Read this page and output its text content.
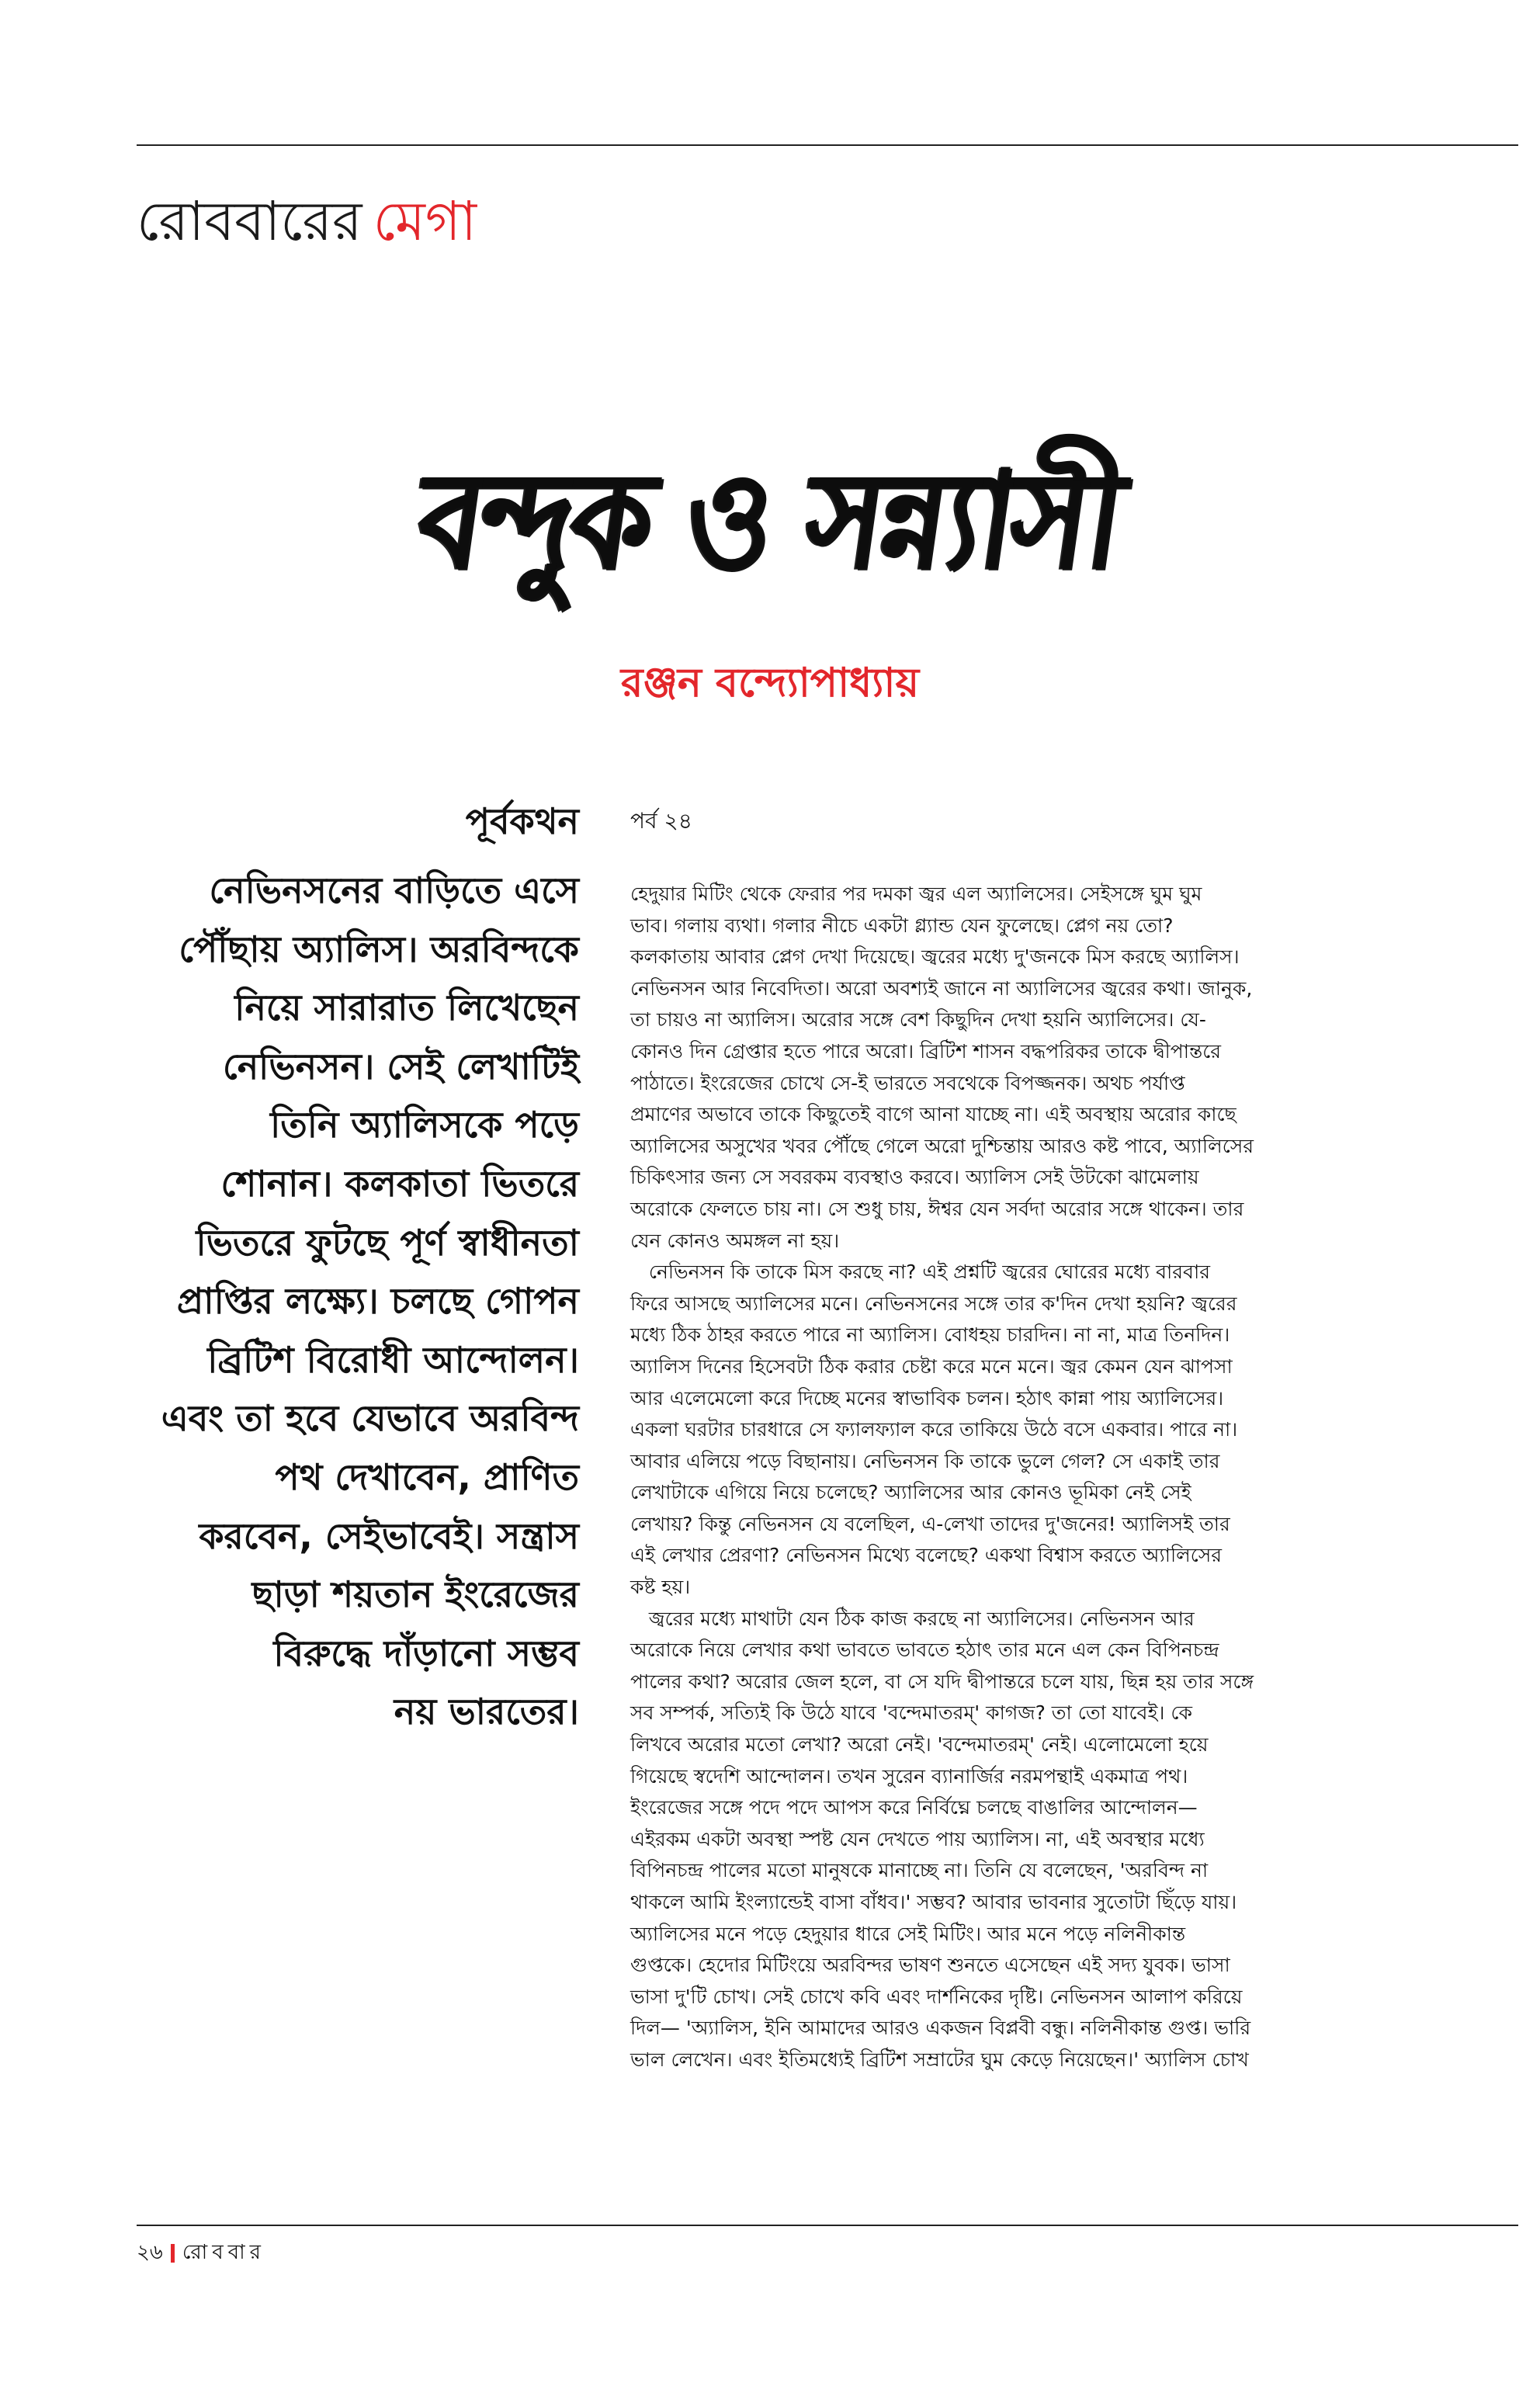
রোববারের মেগা
বন্দুক ও সন্ন্যাসী
রঞ্জন বন্দ্যোপাধ্যায়
পূর্বকথন
নেভিনসনের বাড়িতে এসে
পৌঁছায় অ্যালিস। অরবিন্দকে
নিয়ে সারারাত লিখেছেন
নেভিনসন। সেই লেখাটিই
তিনি অ্যালিসকে পড়ে
শোনান। কলকাতা ভিতরে
ভিতরে ফুটছে পূর্ণ স্বাধীনতা
প্রাপ্তির লক্ষ্যে। চলছে গোপন
ব্রিটিশ বিরোধী আন্দোলন।
এবং তা হবে যেভাবে অরবিন্দ
পথ দেখাবেন, প্রাণিত
করবেন, সেইভাবেই। সন্ত্রাস
ছাড়া শয়তান ইংরেজের
বিরুদ্ধে দাঁড়ানো সম্ভব
নয় ভারতের।
পর্ব ২৪
হেদুয়ার মিটিং থেকে ফেরার পর দমকা জ্বর এল অ্যালিসের। সেইসঙ্গে ঘুম ঘুম
ভাব। গলায় ব্যথা। গলার নীচে একটা গ্ল্যান্ড যেন ফুলেছে। প্লেগ নয় তো?
কলকাতায় আবার প্লেগ দেখা দিয়েছে। জ্বরের মধ্যে দু'জনকে মিস করছে অ্যালিস।
নেভিনসন আর নিবেদিতা। অরো অবশ্যই জানে না অ্যালিসের জ্বরের কথা। জানুক,
তা চায়ও না অ্যালিস। অরোর সঙ্গে বেশ কিছুদিন দেখা হয়নি অ্যালিসের। যে-
কোনও দিন গ্রেপ্তার হতে পারে অরো। ব্রিটিশ শাসন বদ্ধপরিকর তাকে দ্বীপান্তরে
পাঠাতে। ইংরেজের চোখে সে-ই ভারতে সবথেকে বিপজ্জনক। অথচ পর্যাপ্ত
প্রমাণের অভাবে তাকে কিছুতেই বাগে আনা যাচ্ছে না। এই অবস্থায় অরোর কাছে
অ্যালিসের অসুখের খবর পৌঁছে গেলে অরো দুশ্চিন্তায় আরও কষ্ট পাবে, অ্যালিসের
চিকিৎসার জন্য সে সবরকম ব্যবস্থাও করবে। অ্যালিস সেই উটকো ঝামেলায়
অরোকে ফেলতে চায় না। সে শুধু চায়, ঈশ্বর যেন সর্বদা অরোর সঙ্গে থাকেন। তার
যেন কোনও অমঙ্গল না হয়।
নেভিনসন কি তাকে মিস করছে না? এই প্রশ্নটি জ্বরের ঘোরের মধ্যে বারবার
ফিরে আসছে অ্যালিসের মনে। নেভিনসনের সঙ্গে তার ক'দিন দেখা হয়নি? জ্বরের
মধ্যে ঠিক ঠাহর করতে পারে না অ্যালিস। বোধহয় চারদিন। না না, মাত্র তিনদিন।
অ্যালিস দিনের হিসেবটা ঠিক করার চেষ্টা করে মনে মনে। জ্বর কেমন যেন ঝাপসা
আর এলেমেলো করে দিচ্ছে মনের স্বাভাবিক চলন। হঠাৎ কান্না পায় অ্যালিসের।
একলা ঘরটার চারধারে সে ফ্যালফ্যাল করে তাকিয়ে উঠে বসে একবার। পারে না।
আবার এলিয়ে পড়ে বিছানায়। নেভিনসন কি তাকে ভুলে গেল? সে একাই তার
লেখাটাকে এগিয়ে নিয়ে চলেছে? অ্যালিসের আর কোনও ভূমিকা নেই সেই
লেখায়? কিন্তু নেভিনসন যে বলেছিল, এ-লেখা তাদের দু'জনের! অ্যালিসই তার
এই লেখার প্রেরণা? নেভিনসন মিথ্যে বলেছে? একথা বিশ্বাস করতে অ্যালিসের
কষ্ট হয়।
জ্বরের মধ্যে মাথাটা যেন ঠিক কাজ করছে না অ্যালিসের। নেভিনসন আর
অরোকে নিয়ে লেখার কথা ভাবতে ভাবতে হঠাৎ তার মনে এল কেন বিপিনচন্দ্র
পালের কথা? অরোর জেল হলে, বা সে যদি দ্বীপান্তরে চলে যায়, ছিন্ন হয় তার সঙ্গে
সব সম্পর্ক, সত্যিই কি উঠে যাবে 'বন্দেমাতরম্' কাগজ? তা তো যাবেই। কে
লিখবে অরোর মতো লেখা? অরো নেই। 'বন্দেমাতরম্' নেই। এলোমেলো হয়ে
গিয়েছে স্বদেশি আন্দোলন। তখন সুরেন ব্যানার্জির নরমপন্থাই একমাত্র পথ।
ইংরেজের সঙ্গে পদে পদে আপস করে নির্বিঘ্নে চলছে বাঙালির আন্দোলন—
এইরকম একটা অবস্থা স্পষ্ট যেন দেখতে পায় অ্যালিস। না, এই অবস্থার মধ্যে
বিপিনচন্দ্র পালের মতো মানুষকে মানাচ্ছে না। তিনি যে বলেছেন, 'অরবিন্দ না
থাকলে আমি ইংল্যান্ডেই বাসা বাঁধব।' সম্ভব? আবার ভাবনার সুতোটা ছিঁড়ে যায়।
অ্যালিসের মনে পড়ে হেদুয়ার ধারে সেই মিটিং। আর মনে পড়ে নলিনীকান্ত
গুপ্তকে। হেদোর মিটিংয়ে অরবিন্দর ভাষণ শুনতে এসেছেন এই সদ্য যুবক। ভাসা
ভাসা দু'টি চোখ। সেই চোখে কবি এবং দার্শনিকের দৃষ্টি। নেভিনসন আলাপ করিয়ে
দিল— 'অ্যালিস, ইনি আমাদের আরও একজন বিপ্লবী বন্ধু। নলিনীকান্ত গুপ্ত। ভারি
ভাল লেখেন। এবং ইতিমধ্যেই ব্রিটিশ সম্রাটের ঘুম কেড়ে নিয়েছেন।' অ্যালিস চোখ
২৬ রোববার
